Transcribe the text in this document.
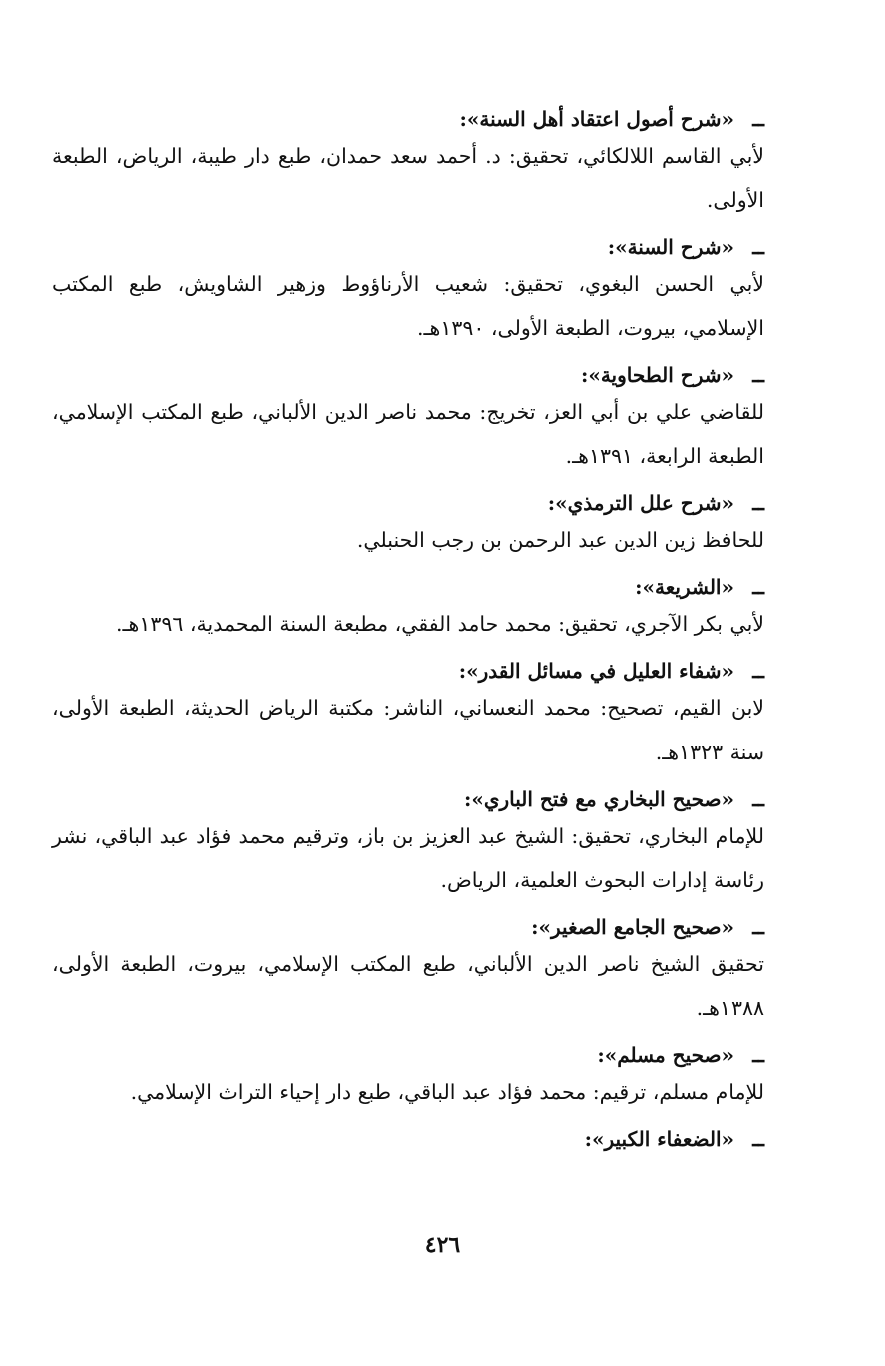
ــ«شرح أصول اعتقاد أهل السنة»:

لأبي القاسم اللالكائي، تحقيق: د. أحمد سعد حمدان، طبع دار طيبة، الرياض، الطبعة الأولى.

ــ«شرح السنة»:

لأبي الحسن البغوي، تحقيق: شعيب الأرناؤوط وزهير الشاويش، طبع المكتب الإسلامي، بيروت، الطبعة الأولى، ١٣٩٠هـ.

ــ«شرح الطحاوية»:

للقاضي علي بن أبي العز، تخريج: محمد ناصر الدين الألباني، طبع المكتب الإسلامي، الطبعة الرابعة، ١٣٩١هـ.

ــ«شرح علل الترمذي»:

للحافظ زين الدين عبد الرحمن بن رجب الحنبلي.

ــ«الشريعة»:

لأبي بكر الآجري، تحقيق: محمد حامد الفقي، مطبعة السنة المحمدية، ١٣٩٦هـ.

ــ«شفاء العليل في مسائل القدر»:

لابن القيم، تصحيح: محمد النعساني، الناشر: مكتبة الرياض الحديثة، الطبعة الأولى، سنة ١٣٢٣هـ.

ــ«صحيح البخاري مع فتح الباري»:

للإمام البخاري، تحقيق: الشيخ عبد العزيز بن باز، وترقيم محمد فؤاد عبد الباقي، نشر رئاسة إدارات البحوث العلمية، الرياض.

ــ«صحيح الجامع الصغير»:

تحقيق الشيخ ناصر الدين الألباني، طبع المكتب الإسلامي، بيروت، الطبعة الأولى، ١٣٨٨هـ.

ــ«صحيح مسلم»:

للإمام مسلم، ترقيم: محمد فؤاد عبد الباقي، طبع دار إحياء التراث الإسلامي.

ــ«الضعفاء الكبير»:
٤٢٦
